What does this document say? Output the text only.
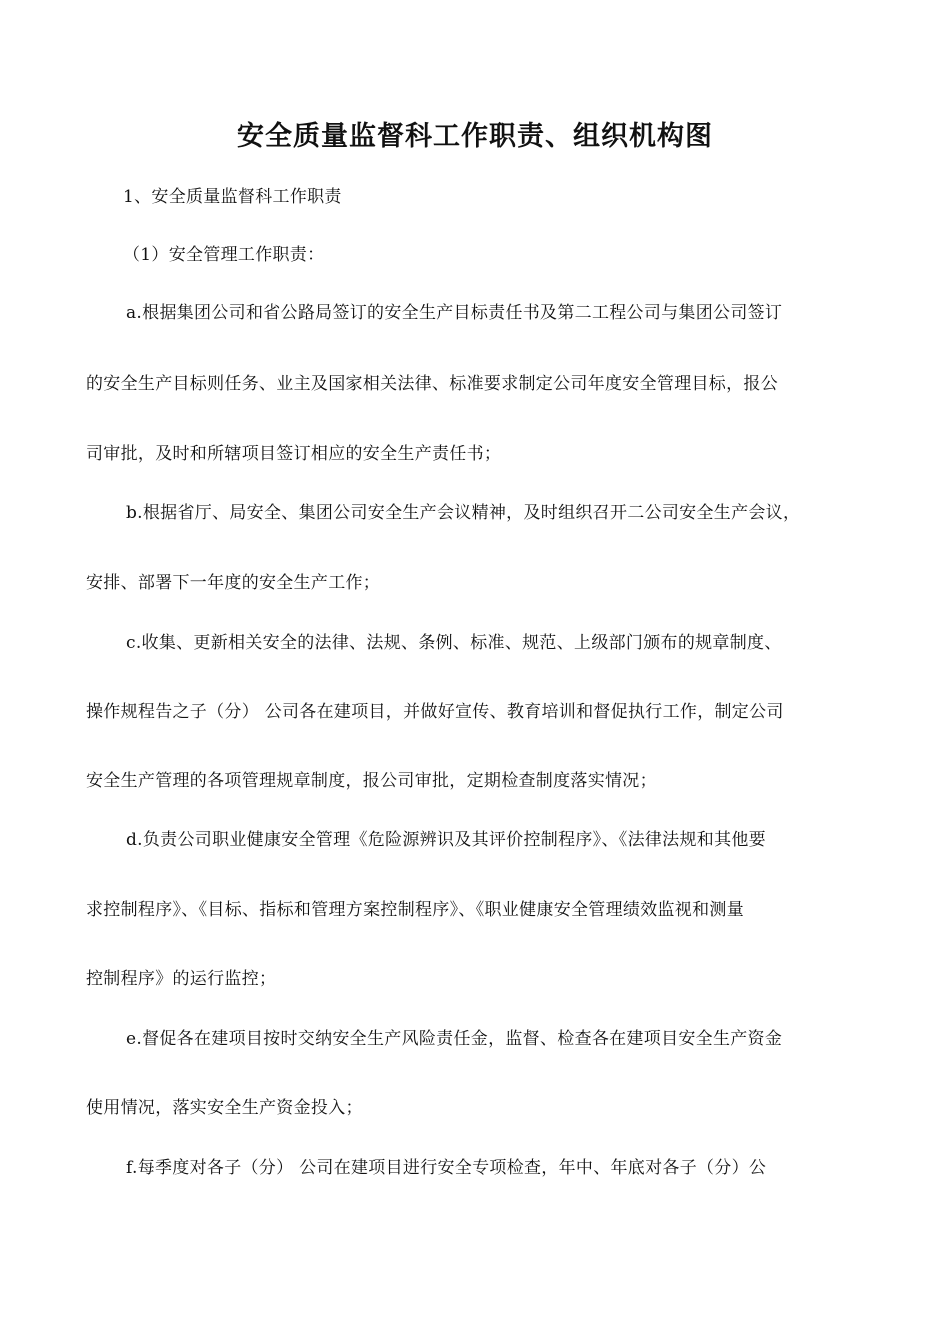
安全质量监督科工作职责、组织机构图
1、安全质量监督科工作职责
（1）安全管理工作职责：
a.根据集团公司和省公路局签订的安全生产目标责任书及第二工程公司与集团公司签订
的安全生产目标则任务、业主及国家相关法律、标准要求制定公司年度安全管理目标，报公
司审批，及时和所辖项目签订相应的安全生产责任书；
b.根据省厅、局安全、集团公司安全生产会议精神，及时组织召开二公司安全生产会议，
安排、部署下一年度的安全生产工作；
c.收集、更新相关安全的法律、法规、条例、标准、规范、上级部门颁布的规章制度、
操作规程告之子（分） 公司各在建项目，并做好宣传、教育培训和督促执行工作，制定公司
安全生产管理的各项管理规章制度，报公司审批，定期检查制度落实情况；
d.负责公司职业健康安全管理《危险源辨识及其评价控制程序》、《法律法规和其他要
求控制程序》、《目标、指标和管理方案控制程序》、《职业健康安全管理绩效监视和测量
控制程序》的运行监控；
e.督促各在建项目按时交纳安全生产风险责任金，监督、检查各在建项目安全生产资金
使用情况，落实安全生产资金投入；
f.每季度对各子（分） 公司在建项目进行安全专项检查，年中、年底对各子（分）公
